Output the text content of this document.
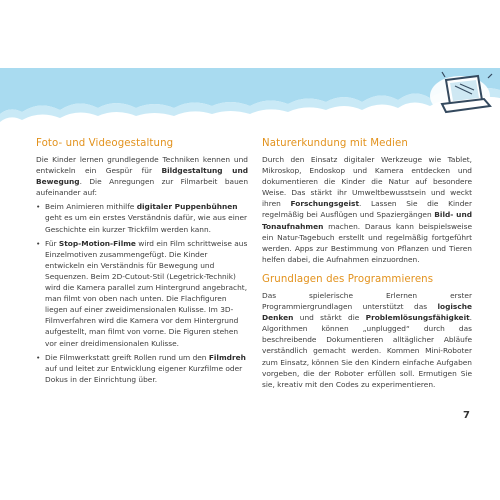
Foto- und Videogestaltung

Die Kinder lernen grundlegende Techniken kennen und entwickeln ein Gespür für Bildgestaltung und Bewegung. Die Anregungen zur Filmarbeit bauen aufeinander auf:

• Beim Animieren mithilfe digitaler Puppenbühnen geht es um ein erstes Verständnis dafür, wie aus einer Geschichte ein kurzer Trickfilm werden kann.
• Für Stop-Motion-Filme wird ein Film schrittweise aus Einzelmotiven zusammengefügt. Die Kinder entwickeln ein Verständnis für Bewegung und Sequenzen. Beim 2D-Cutout-Stil (Legetrick-Technik) wird die Kamera parallel zum Hintergrund angebracht, man filmt von oben nach unten. Die Flachfiguren liegen auf einer zweidimensionalen Kulisse. Im 3D-Filmverfahren wird die Kamera vor dem Hintergrund aufgestellt, man filmt von vorne. Die Figuren stehen vor einer dreidimensionalen Kulisse.
• Die Filmwerkstatt greift Rollen rund um den Filmdreh auf und leitet zur Entwicklung eigener Kurzfilme oder Dokus in der Einrichtung über.
Naturerkundung mit Medien

Durch den Einsatz digitaler Werkzeuge wie Tablet, Mikroskop, Endoskop und Kamera entdecken und dokumentieren die Kinder die Natur auf besondere Weise. Das stärkt ihr Umweltbewusstsein und weckt ihren Forschungsgeist. Lassen Sie die Kinder regelmäßig bei Ausflügen und Spaziergängen Bild- und Tonaufnahmen machen. Daraus kann beispielsweise ein Natur-Tagebuch erstellt und regelmäßig fortgeführt werden. Apps zur Bestimmung von Pflanzen und Tieren helfen dabei, die Aufnahmen einzuordnen.

Grundlagen des Programmierens

Das spielerische Erlernen erster Programmiergrundlagen unterstützt das logische Denken und stärkt die Problemlösungsfähigkeit. Algorithmen können „unplugged“ durch das beschreibende Dokumentieren alltäglicher Abläufe verständlich gemacht werden. Kommen Mini-Roboter zum Einsatz, können Sie den Kindern einfache Aufgaben vorgeben, die der Roboter erfüllen soll. Ermutigen Sie sie, kreativ mit den Codes zu experimentieren.

7
